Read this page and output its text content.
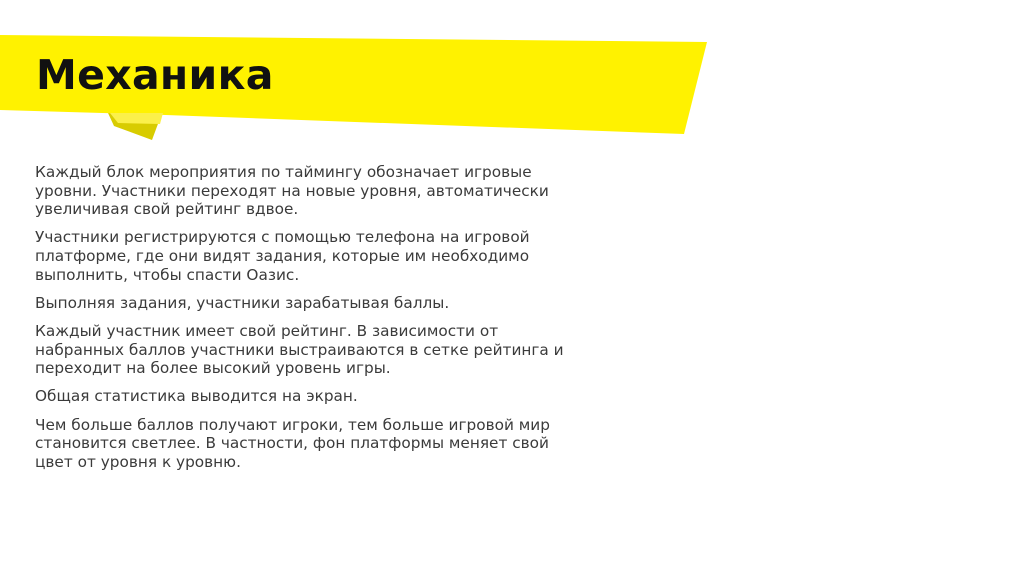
Механика

Каждый блок мероприятия по таймингу обозначает игровые
уровни. Участники переходят на новые уровня, автоматически
увеличивая свой рейтинг вдвое.

Участники регистрируются с помощью телефона на игровой
платформе, где они видят задания, которые им необходимо
выполнить, чтобы спасти Оазис.

Выполняя задания, участники зарабатывая баллы.

Каждый участник имеет свой рейтинг. В зависимости от
набранных баллов участники выстраиваются в сетке рейтинга и
переходит на более высокий уровень игры.

Общая статистика выводится на экран.

Чем больше баллов получают игроки, тем больше игровой мир
становится светлее. В частности, фон платформы меняет свой
цвет от уровня к уровню.
